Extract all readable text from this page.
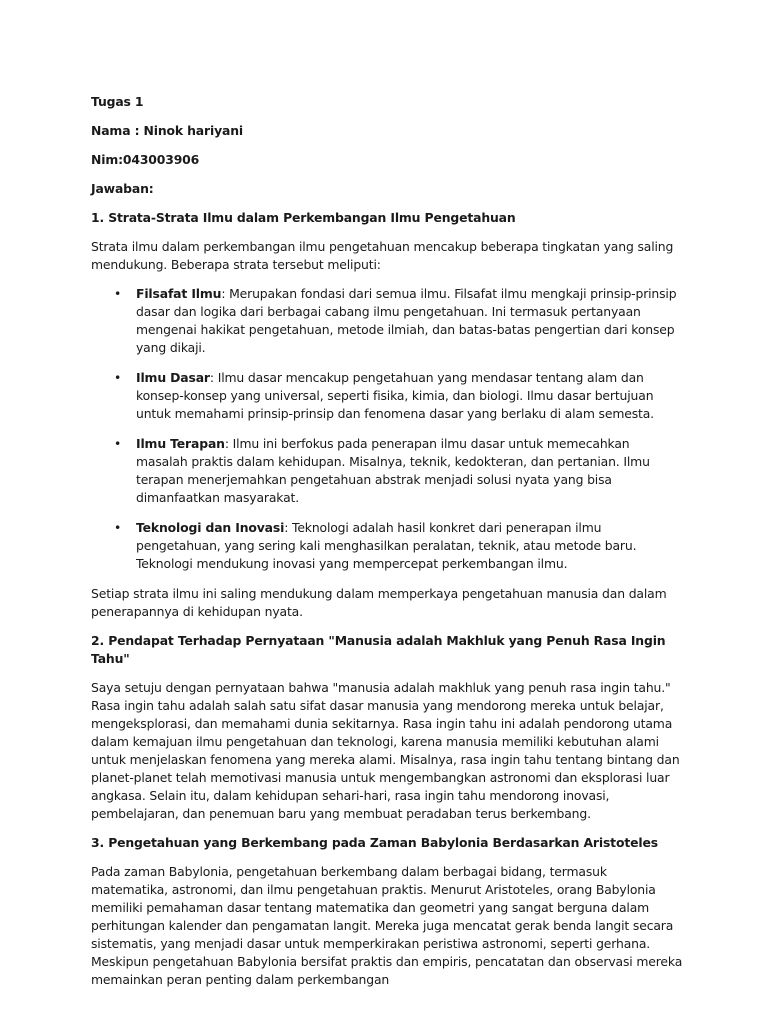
Tugas 1

Nama : Ninok hariyani

Nim:043003906

Jawaban:

1. Strata-Strata Ilmu dalam Perkembangan Ilmu Pengetahuan

Strata ilmu dalam perkembangan ilmu pengetahuan mencakup beberapa tingkatan yang saling mendukung. Beberapa strata tersebut meliputi:

• Filsafat Ilmu: Merupakan fondasi dari semua ilmu. Filsafat ilmu mengkaji prinsip-prinsip dasar dan logika dari berbagai cabang ilmu pengetahuan. Ini termasuk pertanyaan mengenai hakikat pengetahuan, metode ilmiah, dan batas-batas pengertian dari konsep yang dikaji.
• Ilmu Dasar: Ilmu dasar mencakup pengetahuan yang mendasar tentang alam dan konsep-konsep yang universal, seperti fisika, kimia, dan biologi. Ilmu dasar bertujuan untuk memahami prinsip-prinsip dan fenomena dasar yang berlaku di alam semesta.
• Ilmu Terapan: Ilmu ini berfokus pada penerapan ilmu dasar untuk memecahkan masalah praktis dalam kehidupan. Misalnya, teknik, kedokteran, dan pertanian. Ilmu terapan menerjemahkan pengetahuan abstrak menjadi solusi nyata yang bisa dimanfaatkan masyarakat.
• Teknologi dan Inovasi: Teknologi adalah hasil konkret dari penerapan ilmu pengetahuan, yang sering kali menghasilkan peralatan, teknik, atau metode baru. Teknologi mendukung inovasi yang mempercepat perkembangan ilmu.

Setiap strata ilmu ini saling mendukung dalam memperkaya pengetahuan manusia dan dalam penerapannya di kehidupan nyata.

2. Pendapat Terhadap Pernyataan "Manusia adalah Makhluk yang Penuh Rasa Ingin Tahu"

Saya setuju dengan pernyataan bahwa "manusia adalah makhluk yang penuh rasa ingin tahu." Rasa ingin tahu adalah salah satu sifat dasar manusia yang mendorong mereka untuk belajar, mengeksplorasi, dan memahami dunia sekitarnya. Rasa ingin tahu ini adalah pendorong utama dalam kemajuan ilmu pengetahuan dan teknologi, karena manusia memiliki kebutuhan alami untuk menjelaskan fenomena yang mereka alami. Misalnya, rasa ingin tahu tentang bintang dan planet-planet telah memotivasi manusia untuk mengembangkan astronomi dan eksplorasi luar angkasa. Selain itu, dalam kehidupan sehari-hari, rasa ingin tahu mendorong inovasi, pembelajaran, dan penemuan baru yang membuat peradaban terus berkembang.

3. Pengetahuan yang Berkembang pada Zaman Babylonia Berdasarkan Aristoteles

Pada zaman Babylonia, pengetahuan berkembang dalam berbagai bidang, termasuk matematika, astronomi, dan ilmu pengetahuan praktis. Menurut Aristoteles, orang Babylonia memiliki pemahaman dasar tentang matematika dan geometri yang sangat berguna dalam perhitungan kalender dan pengamatan langit. Mereka juga mencatat gerak benda langit secara sistematis, yang menjadi dasar untuk memperkirakan peristiwa astronomi, seperti gerhana. Meskipun pengetahuan Babylonia bersifat praktis dan empiris, pencatatan dan observasi mereka memainkan peran penting dalam perkembangan
